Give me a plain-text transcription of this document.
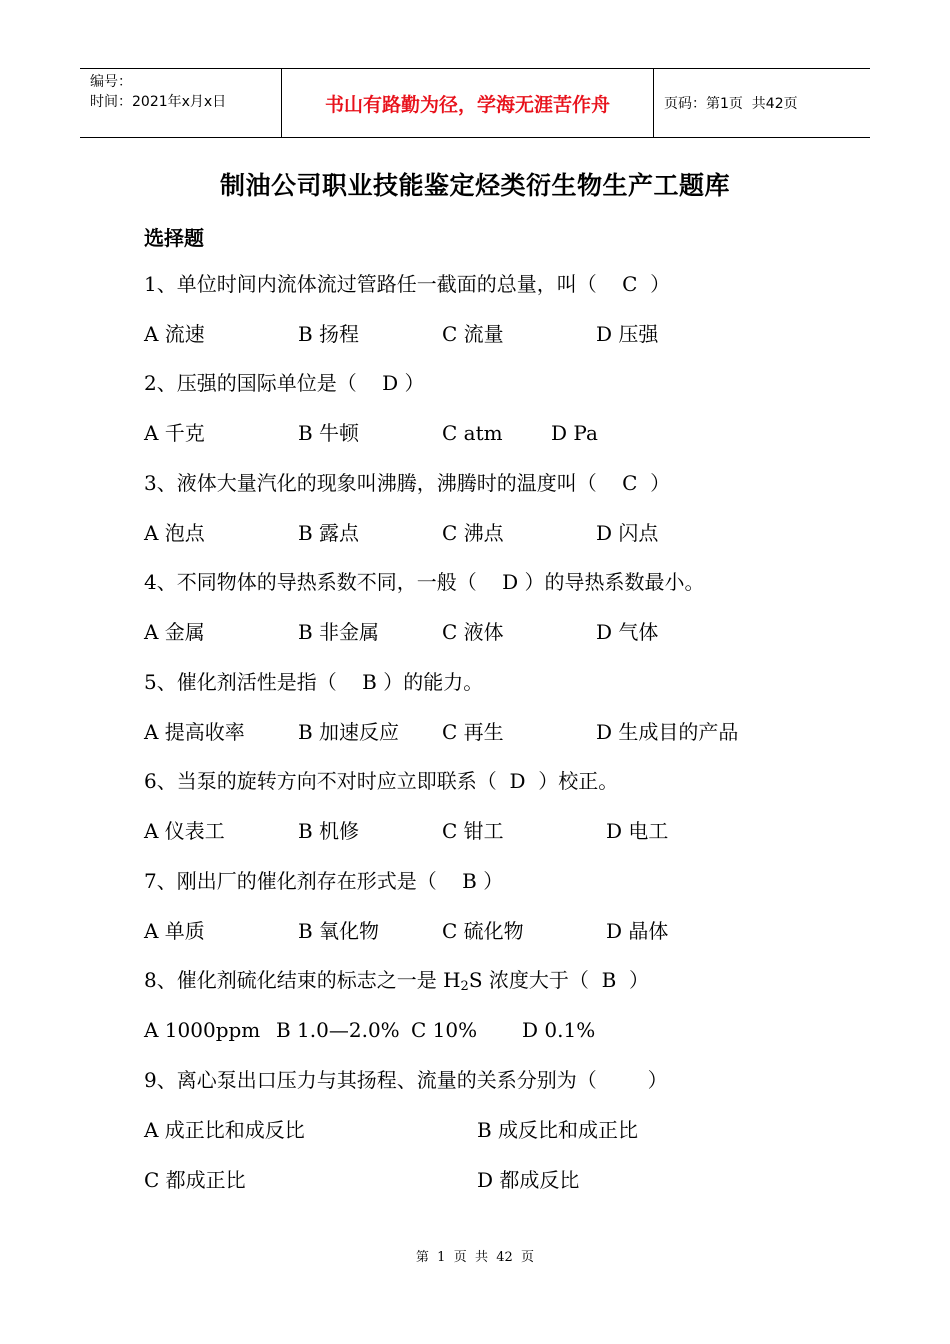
编号：
时间：2021年x月x日	书山有路勤为径，学海无涯苦作舟	页码：第1页  共42页
制油公司职业技能鉴定烃类衍生物生产工题库
选择题
1、单位时间内流体流过管路任一截面的总量，叫（    C  ）
A 流速	B 扬程	C 流量	D 压强
2、压强的国际单位是（    D ）
A 千克	B 牛顿	C atm D Pa
3、液体大量汽化的现象叫沸腾，沸腾时的温度叫（    C  ）
A 泡点	B 露点	C 沸点	D 闪点
4、不同物体的导热系数不同，一般（    D ）的导热系数最小。
A 金属	B 非金属	C 液体	D 气体
5、催化剂活性是指（    B ）的能力。
A 提高收率	B 加速反应 C 再生	D 生成目的产品
6、当泵的旋转方向不对时应立即联系（  D  ）校正。
A 仪表工	B 机修	C 钳工	D 电工
7、刚出厂的催化剂存在形式是（    B ）
A 单质	B 氧化物	C 硫化物	D 晶体
8、催化剂硫化结束的标志之一是 $H_2S$ 浓度大于（  B  ）
A 1000ppm B 1.0—2.0% C 10% D 0.1%
9、离心泵出口压力与其扬程、流量的关系分别为（        ）
A 成正比和成反比	B 成反比和成正比
C 都成正比	D 都成反比
第  1  页  共  42  页
